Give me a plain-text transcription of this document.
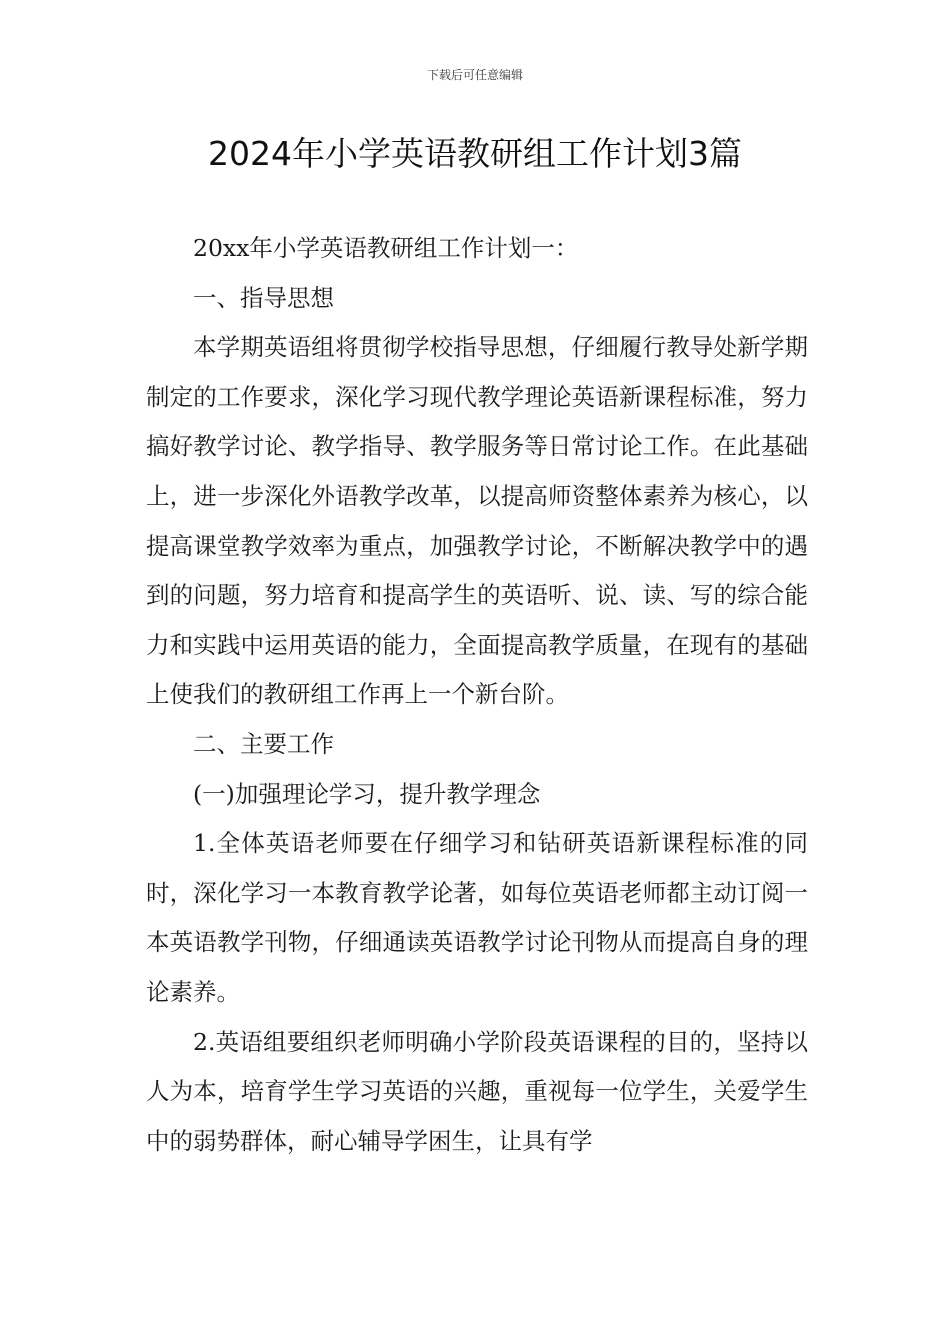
下载后可任意编辑
2024年小学英语教研组工作计划3篇

20xx年小学英语教研组工作计划一：

一、指导思想

本学期英语组将贯彻学校指导思想，仔细履行教导处新学期制定的工作要求，深化学习现代教学理论英语新课程标准，努力搞好教学讨论、教学指导、教学服务等日常讨论工作。在此基础上，进一步深化外语教学改革，以提高师资整体素养为核心，以提高课堂教学效率为重点，加强教学讨论，不断解决教学中的遇到的问题，努力培育和提高学生的英语听、说、读、写的综合能力和实践中运用英语的能力，全面提高教学质量，在现有的基础上使我们的教研组工作再上一个新台阶。

二、主要工作

(一)加强理论学习，提升教学理念

1.全体英语老师要在仔细学习和钻研英语新课程标准的同时，深化学习一本教育教学论著，如每位英语老师都主动订阅一本英语教学刊物，仔细通读英语教学讨论刊物从而提高自身的理论素养。

2.英语组要组织老师明确小学阶段英语课程的目的，坚持以人为本，培育学生学习英语的兴趣，重视每一位学生，关爱学生中的弱势群体，耐心辅导学困生，让具有学
